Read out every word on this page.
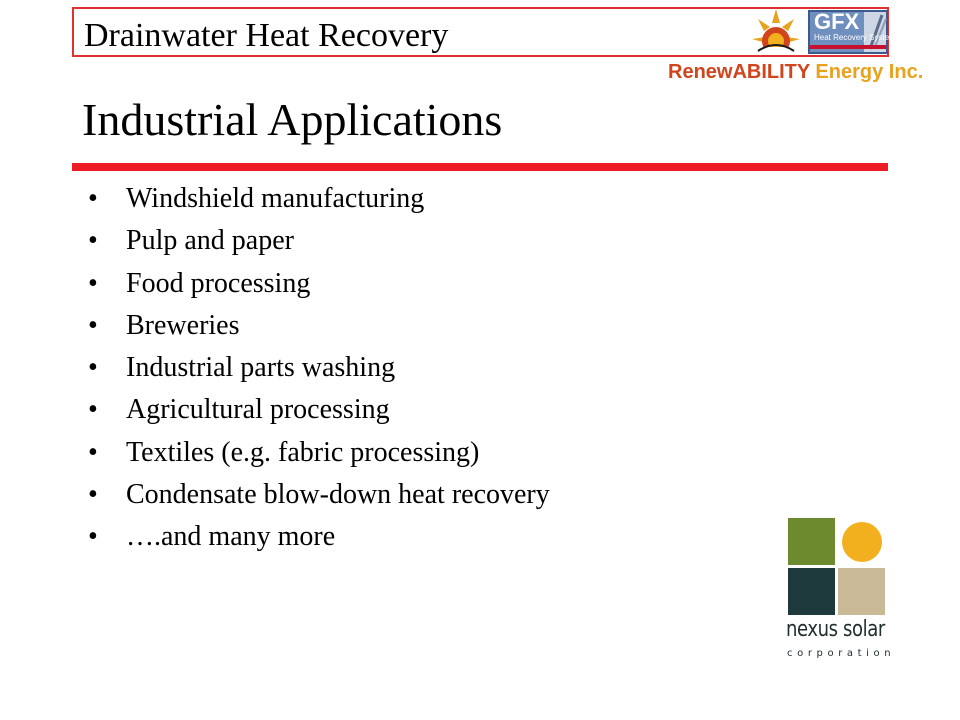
Drainwater Heat Recovery	GFX
Heat Recovery Systems
RenewABILITY Energy Inc.
Industrial Applications
• Windshield manufacturing
• Pulp and paper
• Food processing
• Breweries
• Industrial parts washing
• Agricultural processing
• Textiles (e.g. fabric processing)
• Condensate blow-down heat recovery
• ….and many more
nexus solar
corporation
